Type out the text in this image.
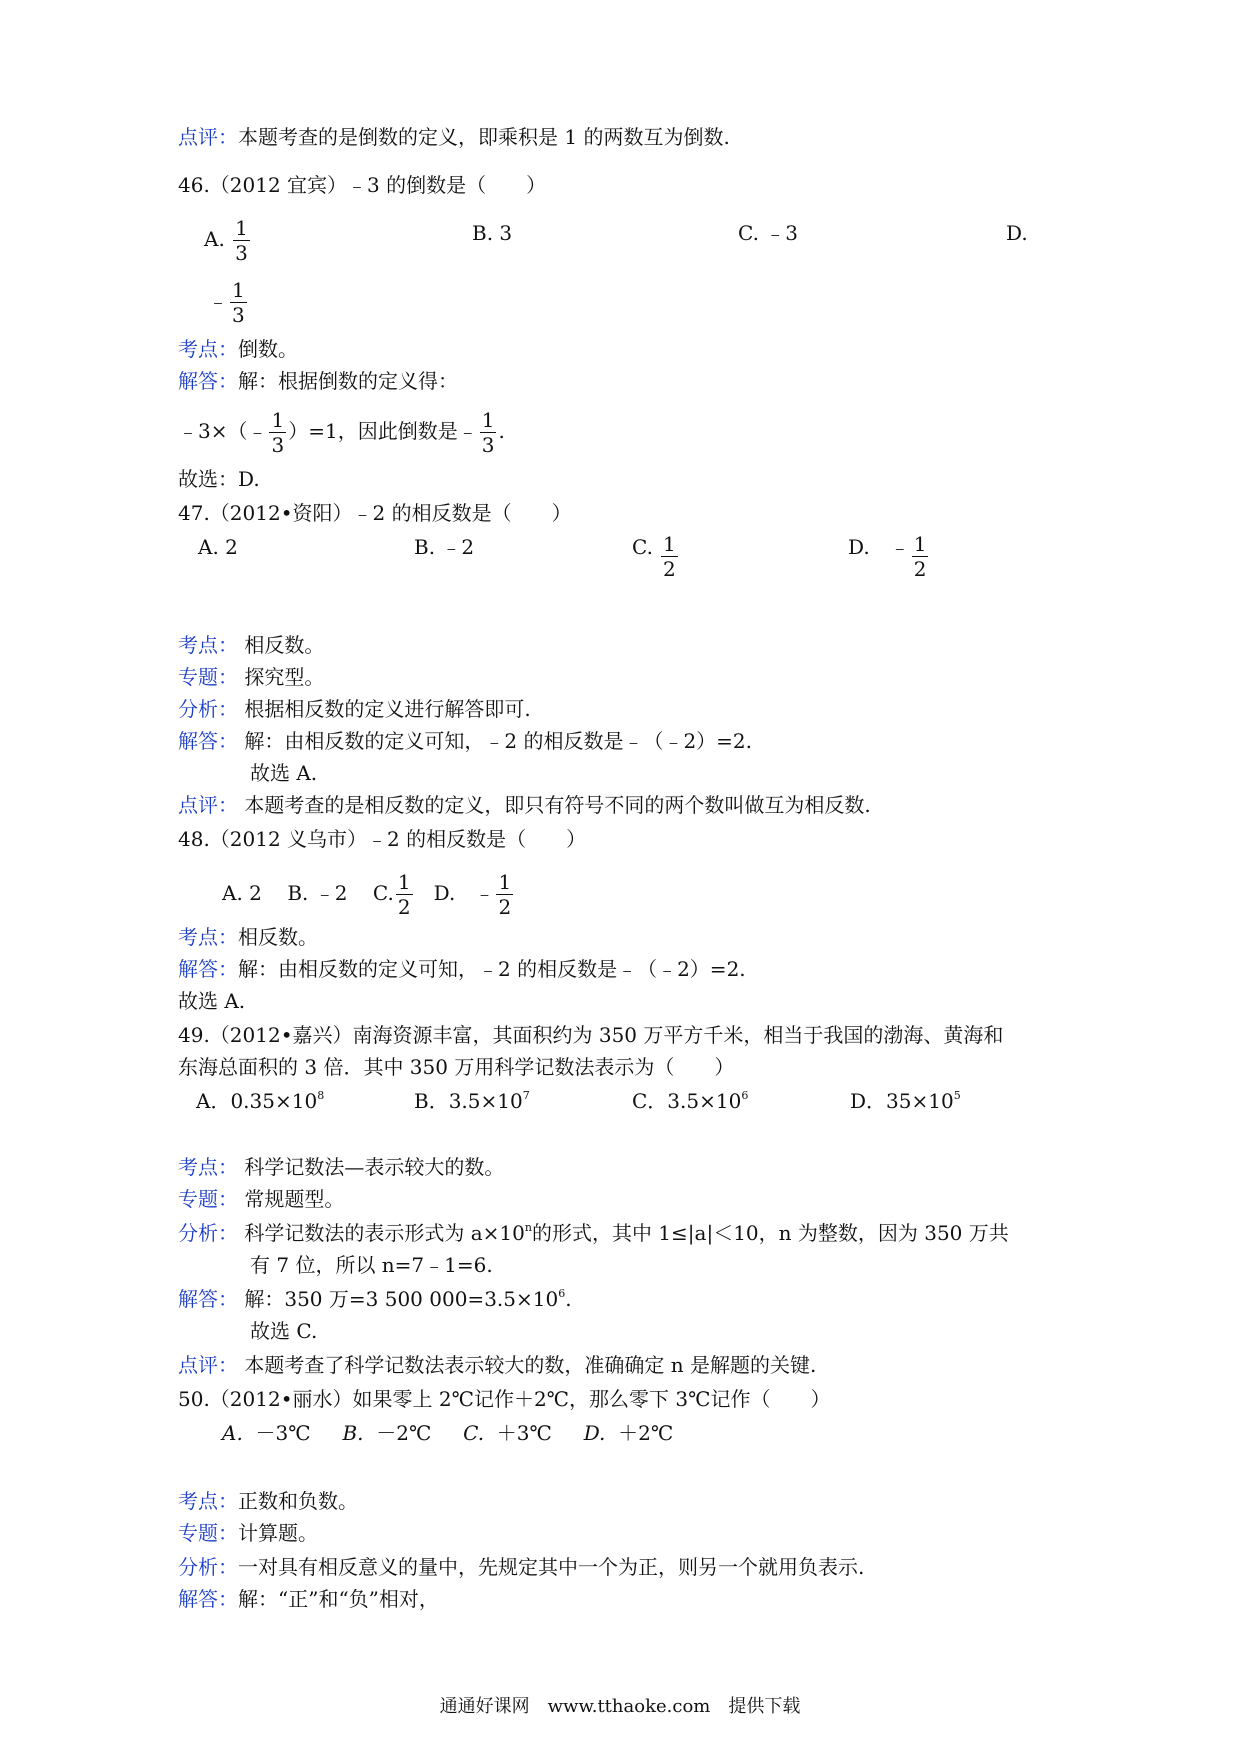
点评：本题考查的是倒数的定义，即乘积是 1 的两数互为倒数.
46.（2012 宜宾）﹣3 的倒数是（　　）
A. $\frac{1}{3}$	B. 3	C. ﹣3	D.
﹣ $\frac{1}{3}$
考点：倒数。
解答：解：根据倒数的定义得：
﹣3×（﹣ $\frac{1}{3} )=1$，因此倒数是﹣ $\frac{1}{3}$ .
故选：D.
47.（2012•资阳）﹣2 的相反数是（　　）
A. 2	B. ﹣2	C. $\frac{1}{2}$	D. ﹣ $\frac{1}{2}$
考点： 相反数。
专题： 探究型。
分析： 根据相反数的定义进行解答即可.
解答： 解：由相反数的定义可知，﹣2 的相反数是﹣（﹣2）=2.
故选 A.
点评： 本题考查的是相反数的定义，即只有符号不同的两个数叫做互为相反数.
48.（2012 义乌市）﹣2 的相反数是（　　）
A. 2 B. ﹣2 C. $\frac{1}{2} D$. ﹣ $\frac{1}{2}$
考点：相反数。
解答：解：由相反数的定义可知，﹣2 的相反数是﹣（﹣2）=2.
故选 A.
49.（2012•嘉兴）南海资源丰富，其面积约为 350 万平方千米，相当于我国的渤海、黄海和
东海总面积的 3 倍．其中 350 万用科学记数法表示为（　　）
A．$0.35\times 10^8$	B．$3.5\times 10^7$	C．$3.5\times 10^6$	D．$35\times 10^5$
考点： 科学记数法—表示较大的数。
专题： 常规题型。
分析： 科学记数法的表示形式为 $a\times 10^n$的形式，其中 1≤|a|＜10，n 为整数，因为 350 万共
有 7 位，所以 n=7﹣1=6.
解答： 解：350 万=3 500 $000=3.5\times 10^6$.
故选 C.
点评： 本题考查了科学记数法表示较大的数，准确确定 n 是解题的关键.
50.（2012•丽水）如果零上 2℃记作＋2℃，那么零下 3℃记作（　　）
A. －3℃ B. －2℃ C. ＋3℃ D. ＋2℃
考点：正数和负数。
专题：计算题。
分析：一对具有相反意义的量中，先规定其中一个为正，则另一个就用负表示.
解答：解：“正”和“负”相对，
通通好课网　www.tthaoke.com　提供下载
